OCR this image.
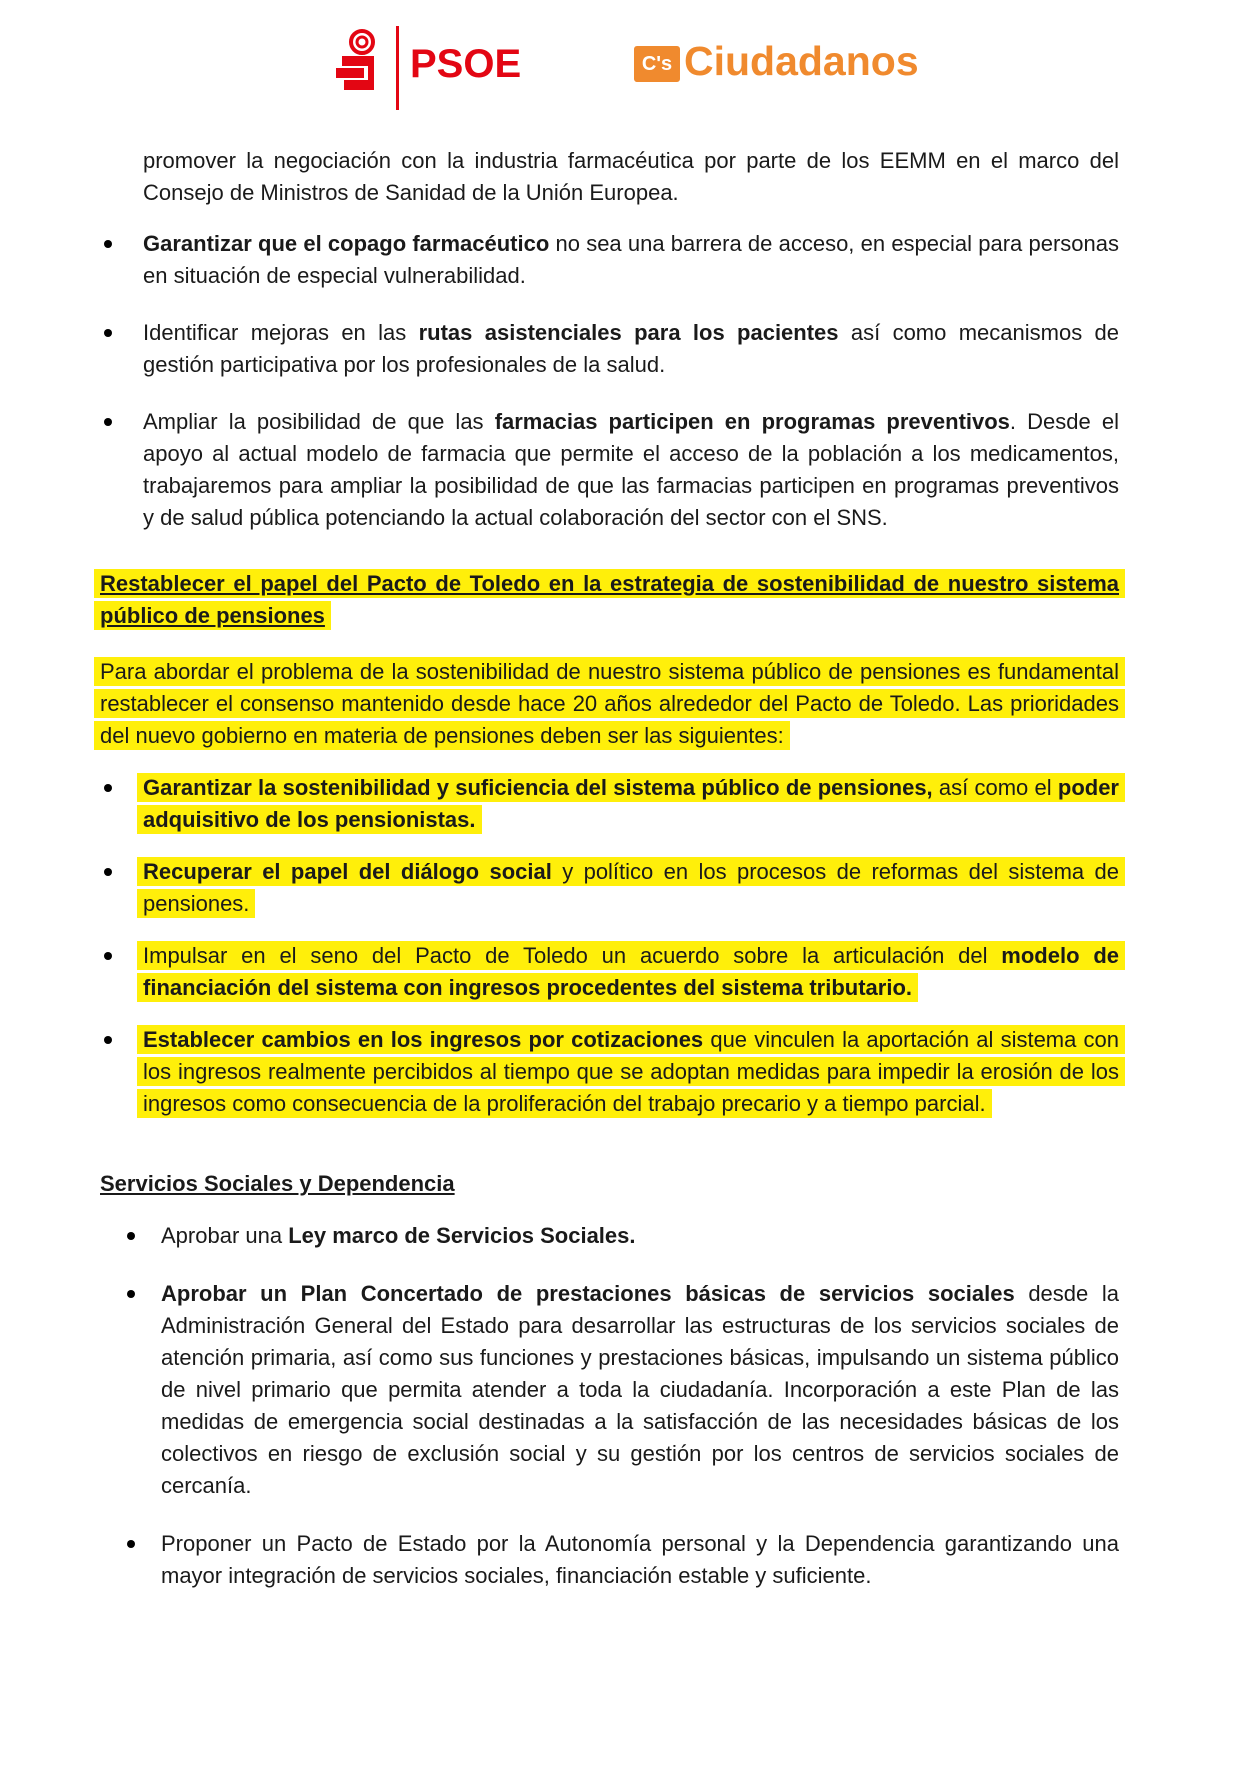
PSOE	C's Ciudadanos

promover la negociación con la industria farmacéutica por parte de los EEMM en el marco del Consejo de Ministros de Sanidad de la Unión Europea.

Garantizar que el copago farmacéutico no sea una barrera de acceso, en especial para personas en situación de especial vulnerabilidad.

Identificar mejoras en las rutas asistenciales para los pacientes así como mecanismos de gestión participativa por los profesionales de la salud.

Ampliar la posibilidad de que las farmacias participen en programas preventivos. Desde el apoyo al actual modelo de farmacia que permite el acceso de la población a los medicamentos, trabajaremos para ampliar la posibilidad de que las farmacias participen en programas preventivos y de salud pública potenciando la actual colaboración del sector con el SNS.

Restablecer el papel del Pacto de Toledo en la estrategia de sostenibilidad de nuestro sistema público de pensiones

Para abordar el problema de la sostenibilidad de nuestro sistema público de pensiones es fundamental restablecer el consenso mantenido desde hace 20 años alrededor del Pacto de Toledo. Las prioridades del nuevo gobierno en materia de pensiones deben ser las siguientes:

Garantizar la sostenibilidad y suficiencia del sistema público de pensiones, así como el poder adquisitivo de los pensionistas.

Recuperar el papel del diálogo social y político en los procesos de reformas del sistema de pensiones.

Impulsar en el seno del Pacto de Toledo un acuerdo sobre la articulación del modelo de financiación del sistema con ingresos procedentes del sistema tributario.

Establecer cambios en los ingresos por cotizaciones que vinculen la aportación al sistema con los ingresos realmente percibidos al tiempo que se adoptan medidas para impedir la erosión de los ingresos como consecuencia de la proliferación del trabajo precario y a tiempo parcial.

Servicios Sociales y Dependencia

Aprobar una Ley marco de Servicios Sociales.

Aprobar un Plan Concertado de prestaciones básicas de servicios sociales desde la Administración General del Estado para desarrollar las estructuras de los servicios sociales de atención primaria, así como sus funciones y prestaciones básicas, impulsando un sistema público de nivel primario que permita atender a toda la ciudadanía. Incorporación a este Plan de las medidas de emergencia social destinadas a la satisfacción de las necesidades básicas de los colectivos en riesgo de exclusión social y su gestión por los centros de servicios sociales de cercanía.

Proponer un Pacto de Estado por la Autonomía personal y la Dependencia garantizando una mayor integración de servicios sociales, financiación estable y suficiente.
